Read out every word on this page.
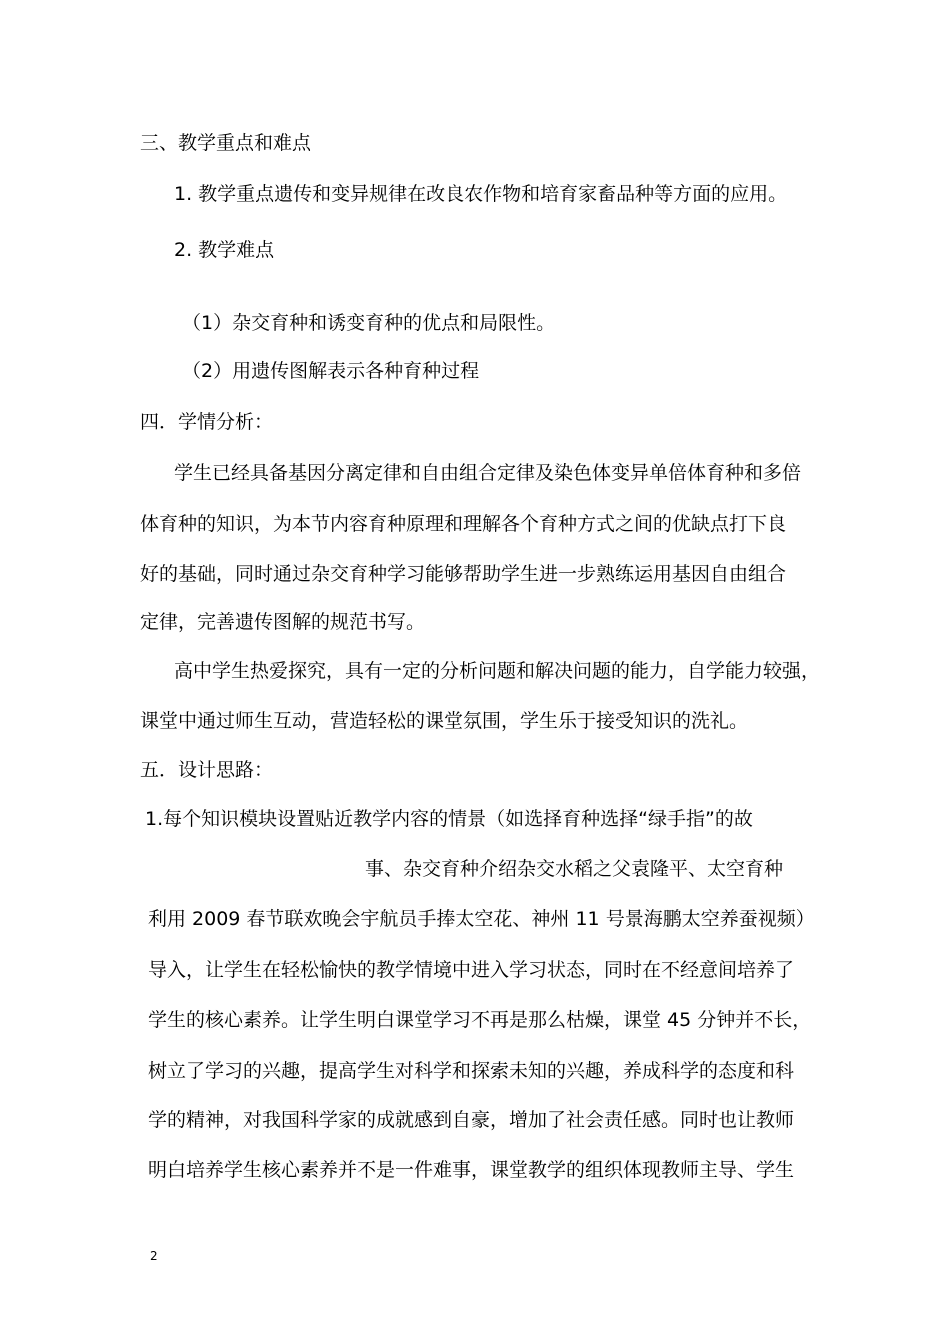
三、教学重点和难点
1. 教学重点遗传和变异规律在改良农作物和培育家畜品种等方面的应用。
2. 教学难点
（1）杂交育种和诱变育种的优点和局限性。
（2）用遗传图解表示各种育种过程
四．学情分析：
学生已经具备基因分离定律和自由组合定律及染色体变异单倍体育种和多倍
体育种的知识，为本节内容育种原理和理解各个育种方式之间的优缺点打下良
好的基础，同时通过杂交育种学习能够帮助学生进一步熟练运用基因自由组合
定律，完善遗传图解的规范书写。
高中学生热爱探究，具有一定的分析问题和解决问题的能力，自学能力较强，
课堂中通过师生互动，营造轻松的课堂氛围，学生乐于接受知识的洗礼。
五．设计思路：
1.每个知识模块设置贴近教学内容的情景（如选择育种选择“绿手指”的故
事、杂交育种介绍杂交水稻之父袁隆平、太空育种
利用 2009 春节联欢晚会宇航员手捧太空花、神州 11 号景海鹏太空养蚕视频）
导入，让学生在轻松愉快的教学情境中进入学习状态，同时在不经意间培养了
学生的核心素养。让学生明白课堂学习不再是那么枯燥，课堂 45 分钟并不长，
树立了学习的兴趣，提高学生对科学和探索未知的兴趣，养成科学的态度和科
学的精神，对我国科学家的成就感到自豪，增加了社会责任感。同时也让教师
明白培养学生核心素养并不是一件难事，课堂教学的组织体现教师主导、学生
2
